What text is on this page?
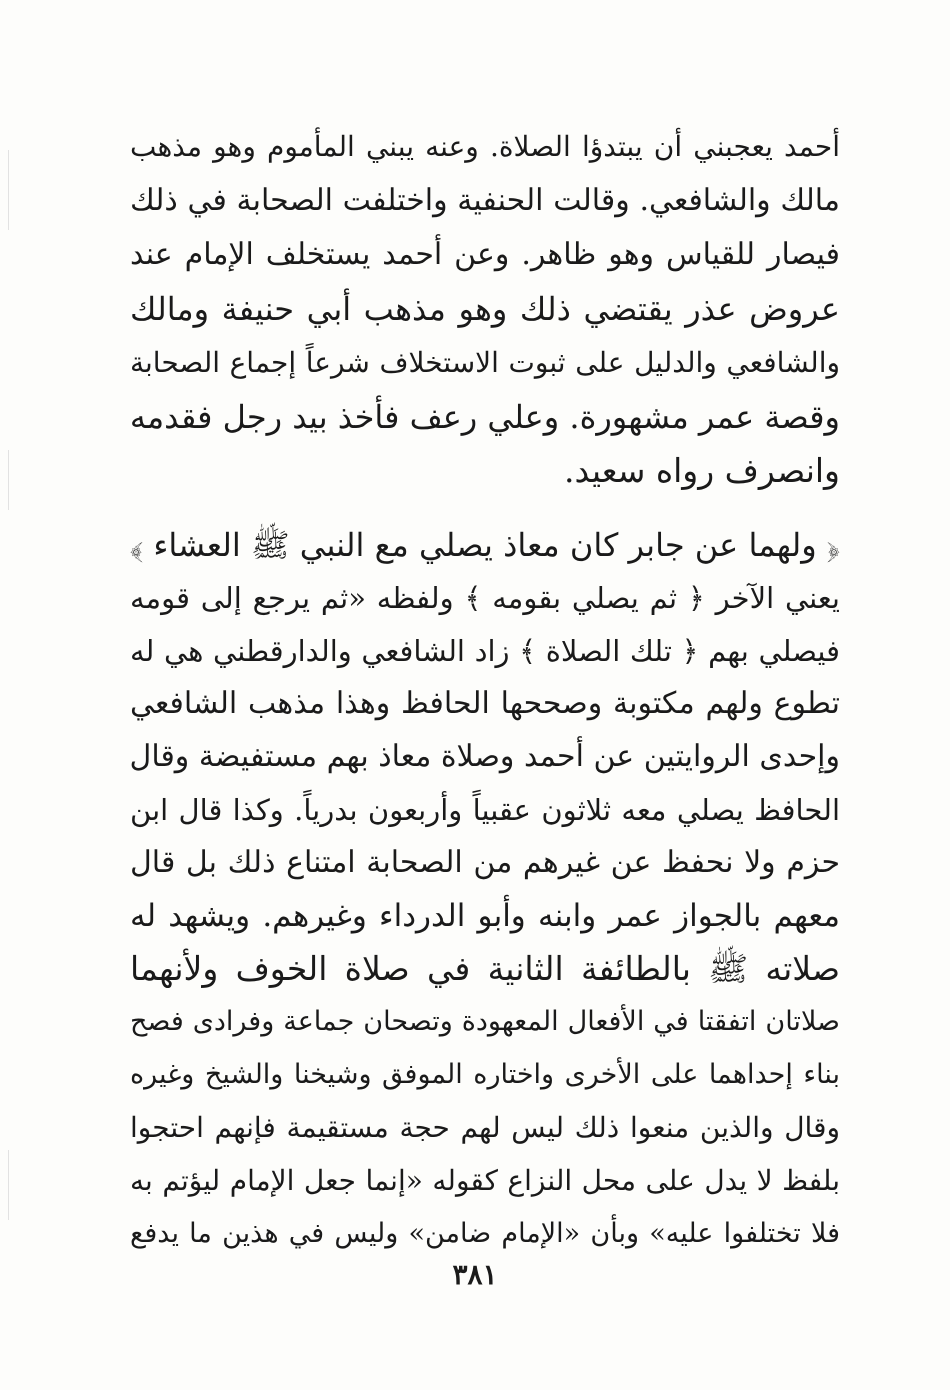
أحمد يعجبني أن يبتدؤا الصلاة. وعنه يبني المأموم وهو مذهب
مالك والشافعي. وقالت الحنفية واختلفت الصحابة في ذلك
فيصار للقياس وهو ظاهر. وعن أحمد يستخلف الإمام عند
عروض عذر يقتضي ذلك وهو مذهب أبي حنيفة ومالك
والشافعي والدليل على ثبوت الاستخلاف شرعاً إجماع الصحابة
وقصة عمر مشهورة. وعلي رعف فأخذ بيد رجل فقدمه
وانصرف رواه سعيد.
﴿ ولهما عن جابر كان معاذ يصلي مع النبي ﷺ العشاء ﴾
يعني الآخر ﴿ ثم يصلي بقومه ﴾ ولفظه «ثم يرجع إلى قومه
فيصلي بهم ﴿ تلك الصلاة ﴾ زاد الشافعي والدارقطني هي له
تطوع ولهم مكتوبة وصححها الحافظ وهذا مذهب الشافعي
وإحدى الروايتين عن أحمد وصلاة معاذ بهم مستفيضة وقال
الحافظ يصلي معه ثلاثون عقبياً وأربعون بدرياً. وكذا قال ابن
حزم ولا نحفظ عن غيرهم من الصحابة امتناع ذلك بل قال
معهم بالجواز عمر وابنه وأبو الدرداء وغيرهم. ويشهد له
صلاته ﷺ بالطائفة الثانية في صلاة الخوف ولأنهما
صلاتان اتفقتا في الأفعال المعهودة وتصحان جماعة وفرادى فصح
بناء إحداهما على الأخرى واختاره الموفق وشيخنا والشيخ وغيره
وقال والذين منعوا ذلك ليس لهم حجة مستقيمة فإنهم احتجوا
بلفظ لا يدل على محل النزاع كقوله «إنما جعل الإمام ليؤتم به
فلا تختلفوا عليه» وبأن «الإمام ضامن» وليس في هذين ما يدفع
٣٨١
